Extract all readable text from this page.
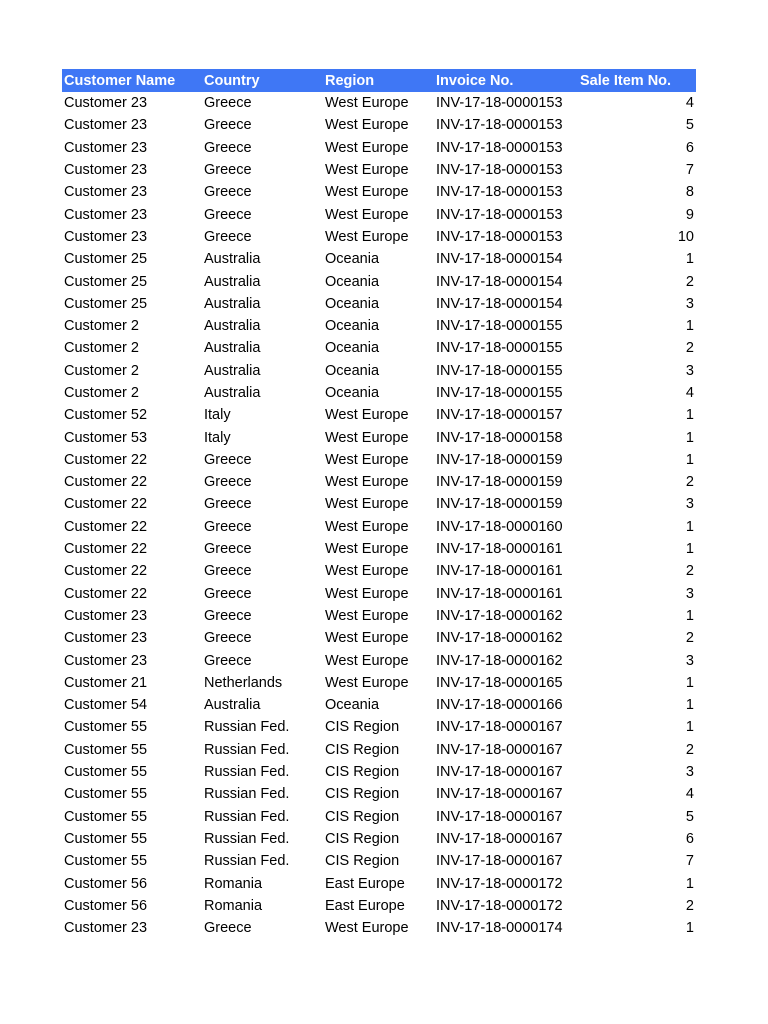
Customer Name	Country	Region	Invoice No.	Sale Item No.
Customer 23	Greece	West Europe	INV-17-18-0000153	4
Customer 23	Greece	West Europe	INV-17-18-0000153	5
Customer 23	Greece	West Europe	INV-17-18-0000153	6
Customer 23	Greece	West Europe	INV-17-18-0000153	7
Customer 23	Greece	West Europe	INV-17-18-0000153	8
Customer 23	Greece	West Europe	INV-17-18-0000153	9
Customer 23	Greece	West Europe	INV-17-18-0000153	10
Customer 25	Australia	Oceania	INV-17-18-0000154	1
Customer 25	Australia	Oceania	INV-17-18-0000154	2
Customer 25	Australia	Oceania	INV-17-18-0000154	3
Customer 2	Australia	Oceania	INV-17-18-0000155	1
Customer 2	Australia	Oceania	INV-17-18-0000155	2
Customer 2	Australia	Oceania	INV-17-18-0000155	3
Customer 2	Australia	Oceania	INV-17-18-0000155	4
Customer 52	Italy	West Europe	INV-17-18-0000157	1
Customer 53	Italy	West Europe	INV-17-18-0000158	1
Customer 22	Greece	West Europe	INV-17-18-0000159	1
Customer 22	Greece	West Europe	INV-17-18-0000159	2
Customer 22	Greece	West Europe	INV-17-18-0000159	3
Customer 22	Greece	West Europe	INV-17-18-0000160	1
Customer 22	Greece	West Europe	INV-17-18-0000161	1
Customer 22	Greece	West Europe	INV-17-18-0000161	2
Customer 22	Greece	West Europe	INV-17-18-0000161	3
Customer 23	Greece	West Europe	INV-17-18-0000162	1
Customer 23	Greece	West Europe	INV-17-18-0000162	2
Customer 23	Greece	West Europe	INV-17-18-0000162	3
Customer 21	Netherlands	West Europe	INV-17-18-0000165	1
Customer 54	Australia	Oceania	INV-17-18-0000166	1
Customer 55	Russian Fed.	CIS Region	INV-17-18-0000167	1
Customer 55	Russian Fed.	CIS Region	INV-17-18-0000167	2
Customer 55	Russian Fed.	CIS Region	INV-17-18-0000167	3
Customer 55	Russian Fed.	CIS Region	INV-17-18-0000167	4
Customer 55	Russian Fed.	CIS Region	INV-17-18-0000167	5
Customer 55	Russian Fed.	CIS Region	INV-17-18-0000167	6
Customer 55	Russian Fed.	CIS Region	INV-17-18-0000167	7
Customer 56	Romania	East Europe	INV-17-18-0000172	1
Customer 56	Romania	East Europe	INV-17-18-0000172	2
Customer 23	Greece	West Europe	INV-17-18-0000174	1
